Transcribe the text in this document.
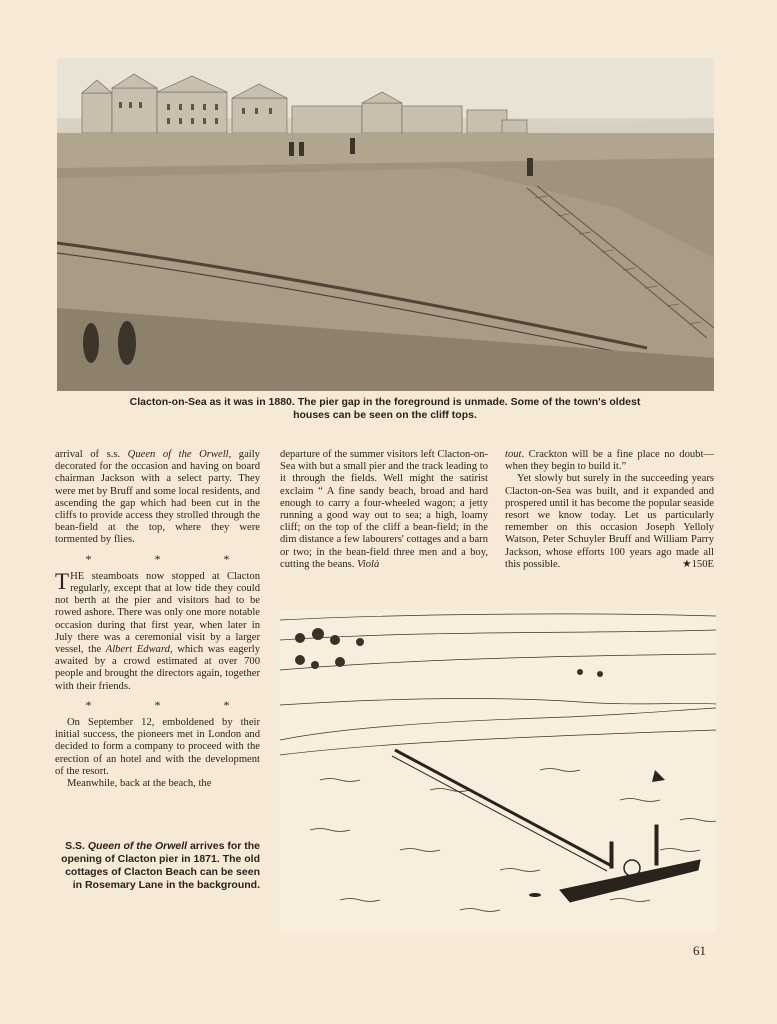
Clacton-on-Sea as it was in 1880. The pier gap in the foreground is unmade. Some of the town's oldest houses can be seen on the cliff tops.

arrival of s.s. Queen of the Orwell, gaily decorated for the occasion and having on board chairman Jackson with a select party. They were met by Bruff and some local residents, and ascending the gap which had been cut in the cliffs to provide access they strolled through the bean-field at the top, where they were tormented by flies.

* * *

THE steamboats now stopped at Clacton regularly, except that at low tide they could not berth at the pier and visitors had to be rowed ashore. There was only one more notable occasion during that first year, when later in July there was a ceremonial visit by a larger vessel, the Albert Edward, which was eagerly awaited by a crowd estimated at over 700 people and brought the directors again, together with their friends.

* * *

On September 12, emboldened by their initial success, the pioneers met in London and decided to form a company to proceed with the erection of an hotel and with the development of the resort.

Meanwhile, back at the beach, the

departure of the summer visitors left Clacton-on-Sea with but a small pier and the track leading to it through the fields. Well might the satirist exclaim “ A fine sandy beach, broad and hard enough to carry a four-wheeled wagon; a jetty running a good way out to sea; a high, loamy cliff; on the top of the cliff a bean-field; in the dim distance a few labourers' cottages and a barn or two; in the bean-field three men and a boy, cutting the beans. Violà

tout. Crackton will be a fine place no doubt—when they begin to build it.”

Yet slowly but surely in the succeeding years Clacton-on-Sea was built, and it expanded and prospered until it has become the popular seaside resort we know today. Let us particularly remember on this occasion Joseph Yelloly Watson, Peter Schuyler Bruff and William Parry Jackson, whose efforts 100 years ago made all this possible.	★150E

S.S. Queen of the Orwell arrives for the opening of Clacton pier in 1871. The old cottages of Clacton Beach can be seen in Rosemary Lane in the background.
61
